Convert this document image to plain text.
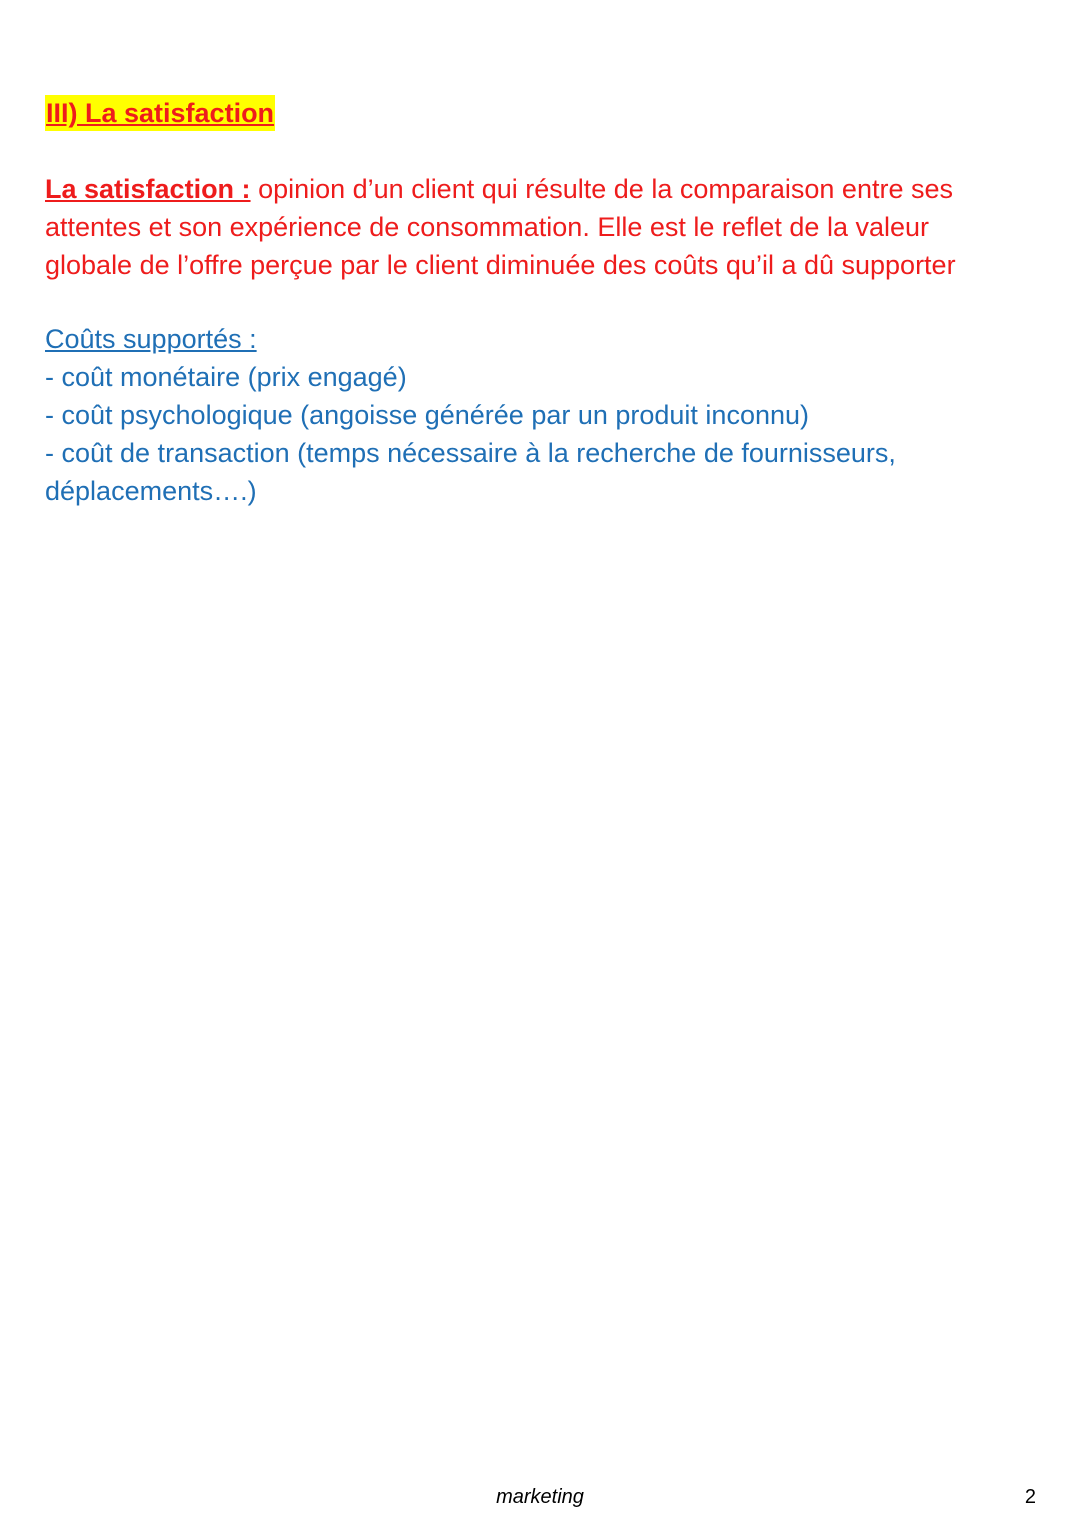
III) La satisfaction
La satisfaction : opinion d’un client qui résulte de la comparaison entre ses
attentes et son expérience de consommation. Elle est le reflet de la valeur
globale de l’offre perçue par le client diminuée des coûts qu’il a dû supporter
Coûts supportés :
- coût monétaire (prix engagé)
- coût psychologique (angoisse générée par un produit inconnu)
- coût de transaction (temps nécessaire à la recherche de fournisseurs,
déplacements….)
marketing	2
